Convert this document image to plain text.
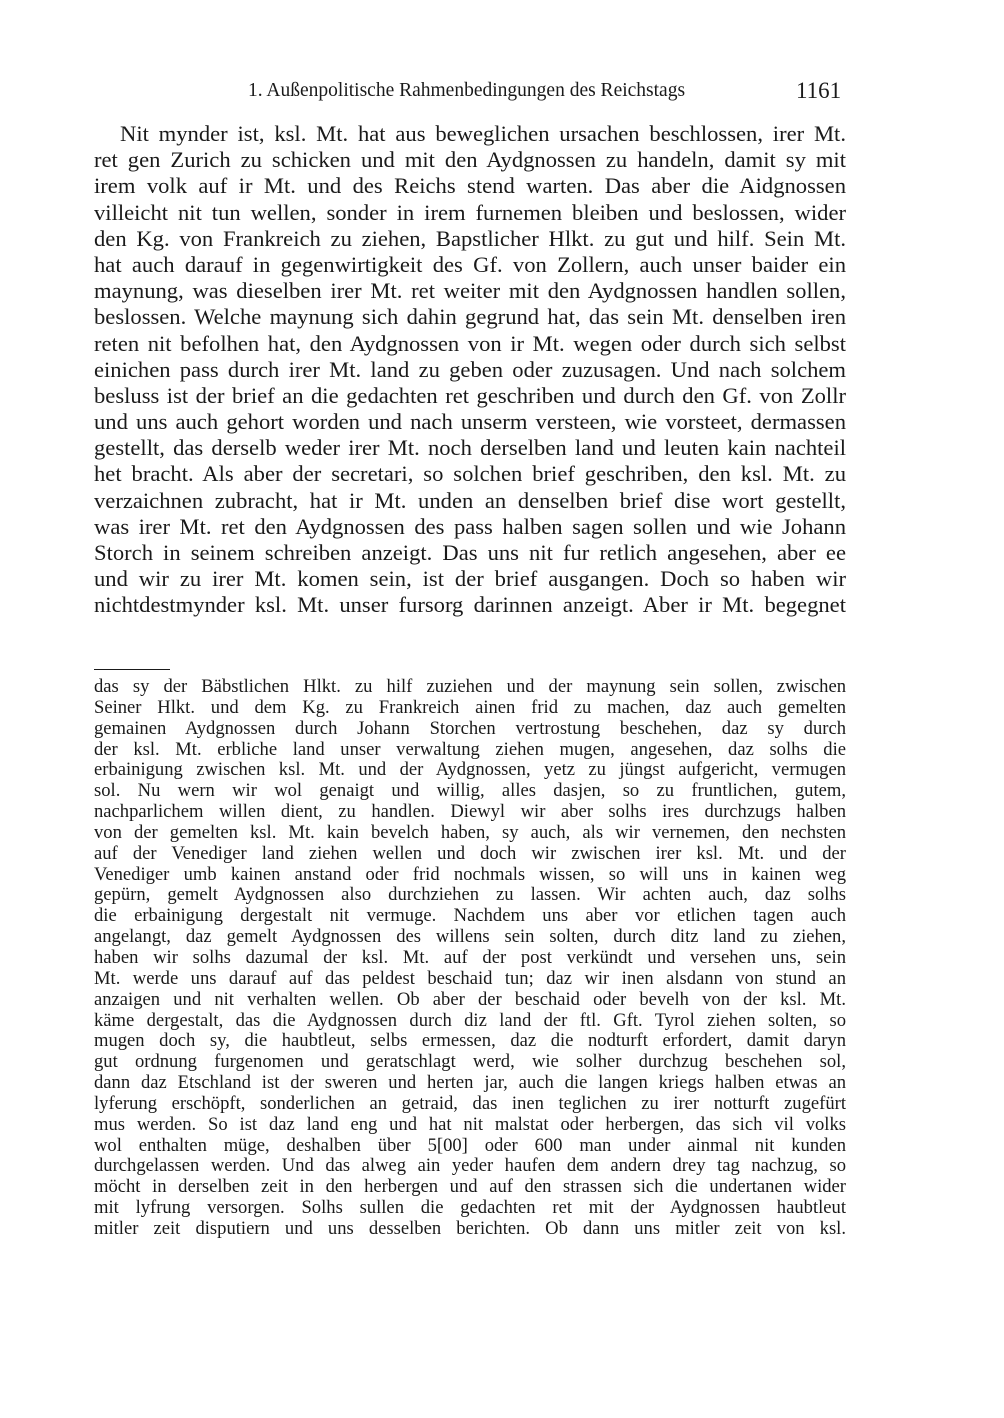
1. Außenpolitische Rahmenbedingungen des Reichstags	1161
Nit mynder ist, ksl. Mt. hat aus beweglichen ursachen beschlossen, irer Mt.
ret gen Zurich zu schicken und mit den Aydgnossen zu handeln, damit sy mit
irem volk auf ir Mt. und des Reichs stend warten. Das aber die Aidgnossen
villeicht nit tun wellen, sonder in irem furnemen bleiben und beslossen, wider
den Kg. von Frankreich zu ziehen, Bapstlicher Hlkt. zu gut und hilf. Sein Mt.
hat auch darauf in gegenwirtigkeit des Gf. von Zollern, auch unser baider ein
maynung, was dieselben irer Mt. ret weiter mit den Aydgnossen handlen sollen,
beslossen. Welche maynung sich dahin gegrund hat, das sein Mt. denselben iren
reten nit befolhen hat, den Aydgnossen von ir Mt. wegen oder durch sich selbst
einichen pass durch irer Mt. land zu geben oder zuzusagen. Und nach solchem
besluss ist der brief an die gedachten ret geschriben und durch den Gf. von Zollr
und uns auch gehort worden und nach unserm versteen, wie vorsteet, dermassen
gestellt, das derselb weder irer Mt. noch derselben land und leuten kain nachteil
het bracht. Als aber der secretari, so solchen brief geschriben, den ksl. Mt. zu
verzaichnen zubracht, hat ir Mt. unden an denselben brief dise wort gestellt,
was irer Mt. ret den Aydgnossen des pass halben sagen sollen und wie Johann
Storch in seinem schreiben anzeigt. Das uns nit fur retlich angesehen, aber ee
und wir zu irer Mt. komen sein, ist der brief ausgangen. Doch so haben wir
nichtdestmynder ksl. Mt. unser fursorg darinnen anzeigt. Aber ir Mt. begegnet
das sy der Bäbstlichen Hlkt. zu hilf zuziehen und der maynung sein sollen, zwischen
Seiner Hlkt. und dem Kg. zu Frankreich ainen frid zu machen, daz auch gemelten
gemainen Aydgnossen durch Johann Storchen vertrostung beschehen, daz sy durch
der ksl. Mt. erbliche land unser verwaltung ziehen mugen, angesehen, daz solhs die
erbainigung zwischen ksl. Mt. und der Aydgnossen, yetz zu jüngst aufgericht, vermugen
sol. Nu wern wir wol genaigt und willig, alles dasjen, so zu fruntlichen, gutem,
nachparlichem willen dient, zu handlen. Diewyl wir aber solhs ires durchzugs halben
von der gemelten ksl. Mt. kain bevelch haben, sy auch, als wir vernemen, den nechsten
auf der Venediger land ziehen wellen und doch wir zwischen irer ksl. Mt. und der
Venediger umb kainen anstand oder frid nochmals wissen, so will uns in kainen weg
gepürn, gemelt Aydgnossen also durchziehen zu lassen. Wir achten auch, daz solhs
die erbainigung dergestalt nit vermuge. Nachdem uns aber vor etlichen tagen auch
angelangt, daz gemelt Aydgnossen des willens sein solten, durch ditz land zu ziehen,
haben wir solhs dazumal der ksl. Mt. auf der post verkündt und versehen uns, sein
Mt. werde uns darauf auf das peldest beschaid tun; daz wir inen alsdann von stund an
anzaigen und nit verhalten wellen. Ob aber der beschaid oder bevelh von der ksl. Mt.
käme dergestalt, das die Aydgnossen durch diz land der ftl. Gft. Tyrol ziehen solten, so
mugen doch sy, die haubtleut, selbs ermessen, daz die nodturft erfordert, damit daryn
gut ordnung furgenomen und geratschlagt werd, wie solher durchzug beschehen sol,
dann daz Etschland ist der sweren und herten jar, auch die langen kriegs halben etwas an
lyferung erschöpft, sonderlichen an getraid, das inen teglichen zu irer notturft zugefürt
mus werden. So ist daz land eng und hat nit malstat oder herbergen, das sich vil volks
wol enthalten müge, deshalben über 5[00] oder 600 man under ainmal nit kunden
durchgelassen werden. Und das alweg ain yeder haufen dem andern drey tag nachzug, so
möcht in derselben zeit in den herbergen und auf den strassen sich die undertanen wider
mit lyfrung versorgen. Solhs sullen die gedachten ret mit der Aydgnossen haubtleut
mitler zeit disputiern und uns desselben berichten. Ob dann uns mitler zeit von ksl.
